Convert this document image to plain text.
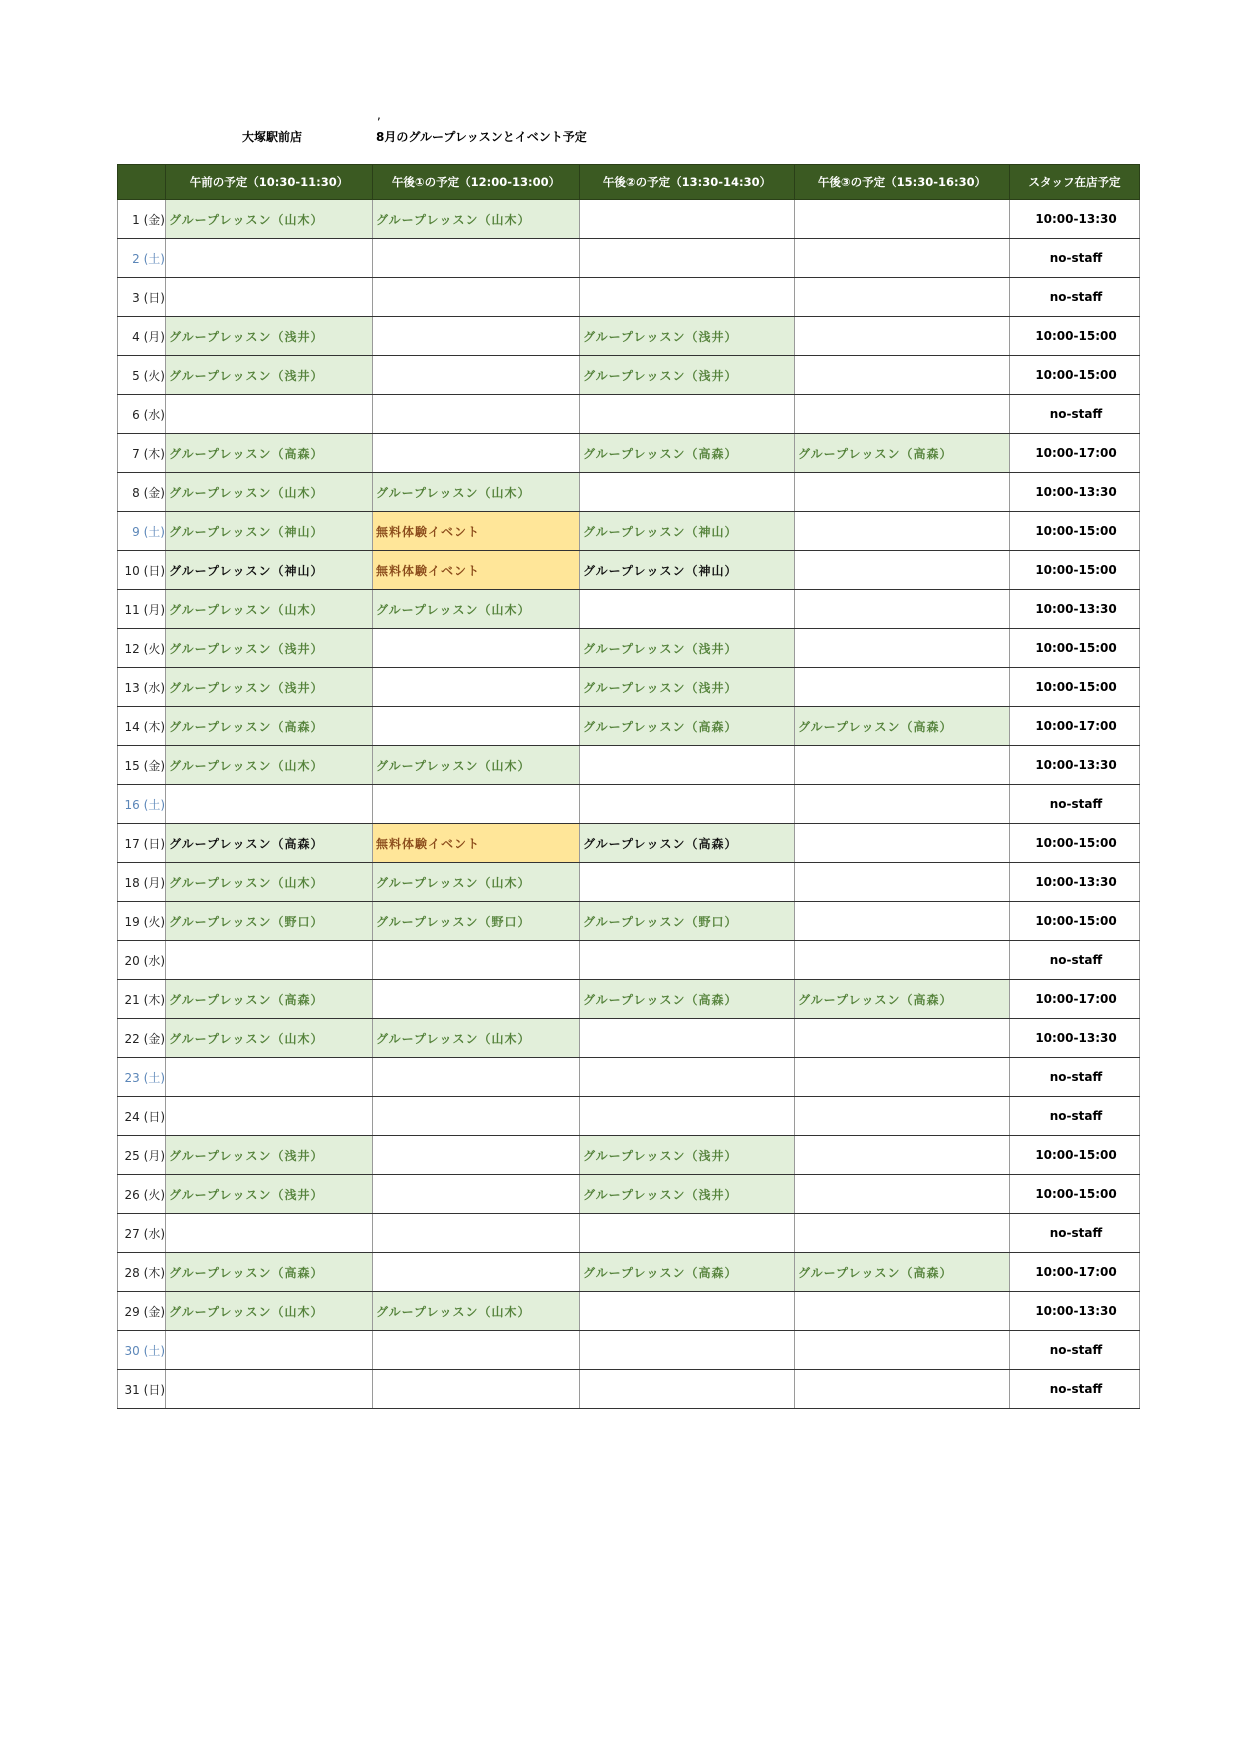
,
大塚駅前店	8月のグループレッスンとイベント予定
	午前の予定（10:30-11:30）	午後①の予定（12:00-13:00）	午後②の予定（13:30-14:30）	午後③の予定（15:30-16:30）	スタッフ在店予定
1 (金)	グループレッスン（山木）	グループレッスン（山木）			10:00-13:30
2 (土)					no-staff
3 (日)					no-staff
4 (月)	グループレッスン（浅井）		グループレッスン（浅井）		10:00-15:00
5 (火)	グループレッスン（浅井）		グループレッスン（浅井）		10:00-15:00
6 (水)					no-staff
7 (木)	グループレッスン（高森）		グループレッスン（高森）	グループレッスン（高森）	10:00-17:00
8 (金)	グループレッスン（山木）	グループレッスン（山木）			10:00-13:30
9 (土)	グループレッスン（神山）	無料体験イベント	グループレッスン（神山）		10:00-15:00
10 (日)	グループレッスン（神山）	無料体験イベント	グループレッスン（神山）		10:00-15:00
11 (月)	グループレッスン（山木）	グループレッスン（山木）			10:00-13:30
12 (火)	グループレッスン（浅井）		グループレッスン（浅井）		10:00-15:00
13 (水)	グループレッスン（浅井）		グループレッスン（浅井）		10:00-15:00
14 (木)	グループレッスン（高森）		グループレッスン（高森）	グループレッスン（高森）	10:00-17:00
15 (金)	グループレッスン（山木）	グループレッスン（山木）			10:00-13:30
16 (土)					no-staff
17 (日)	グループレッスン（高森）	無料体験イベント	グループレッスン（高森）		10:00-15:00
18 (月)	グループレッスン（山木）	グループレッスン（山木）			10:00-13:30
19 (火)	グループレッスン（野口）	グループレッスン（野口）	グループレッスン（野口）		10:00-15:00
20 (水)					no-staff
21 (木)	グループレッスン（高森）		グループレッスン（高森）	グループレッスン（高森）	10:00-17:00
22 (金)	グループレッスン（山木）	グループレッスン（山木）			10:00-13:30
23 (土)					no-staff
24 (日)					no-staff
25 (月)	グループレッスン（浅井）		グループレッスン（浅井）		10:00-15:00
26 (火)	グループレッスン（浅井）		グループレッスン（浅井）		10:00-15:00
27 (水)					no-staff
28 (木)	グループレッスン（高森）		グループレッスン（高森）	グループレッスン（高森）	10:00-17:00
29 (金)	グループレッスン（山木）	グループレッスン（山木）			10:00-13:30
30 (土)					no-staff
31 (日)					no-staff
